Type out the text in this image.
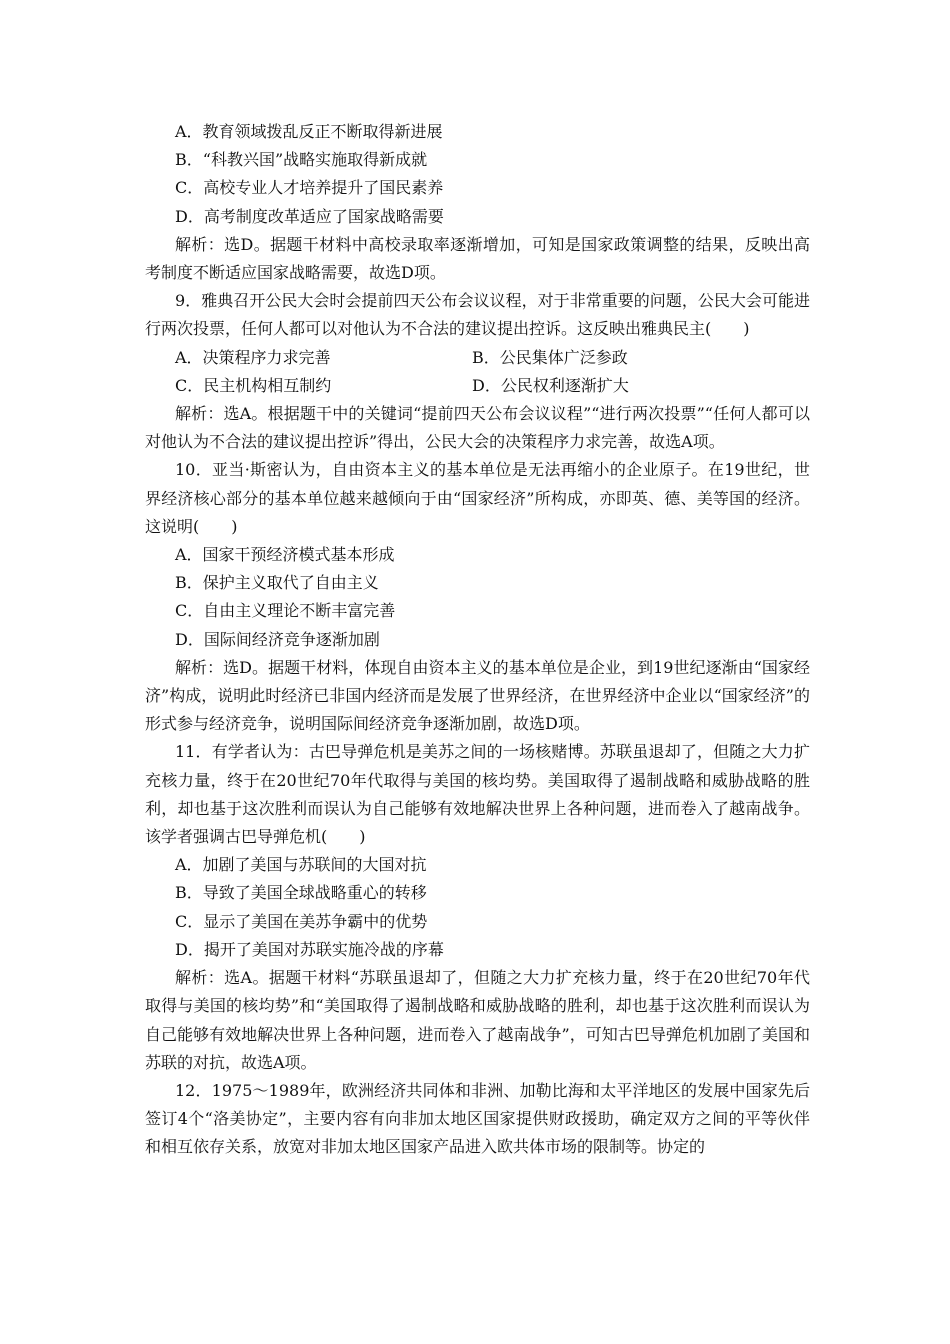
A．教育领域拨乱反正不断取得新进展

B．“科教兴国”战略实施取得新成就

C．高校专业人才培养提升了国民素养

D．高考制度改革适应了国家战略需要

解析：选D。据题干材料中高校录取率逐渐增加，可知是国家政策调整的结果，反映出高考制度不断适应国家战略需要，故选D项。

9．雅典召开公民大会时会提前四天公布会议议程，对于非常重要的问题，公民大会可能进行两次投票，任何人都可以对他认为不合法的建议提出控诉。这反映出雅典民主(　　)

A．决策程序力求完善	B．公民集体广泛参政
C．民主机构相互制约	D．公民权利逐渐扩大

解析：选A。根据题干中的关键词“提前四天公布会议议程”“进行两次投票”“任何人都可以对他认为不合法的建议提出控诉”得出，公民大会的决策程序力求完善，故选A项。

10．亚当·斯密认为，自由资本主义的基本单位是无法再缩小的企业原子。在19世纪，世界经济核心部分的基本单位越来越倾向于由“国家经济”所构成，亦即英、德、美等国的经济。这说明(　　)

A．国家干预经济模式基本形成

B．保护主义取代了自由主义

C．自由主义理论不断丰富完善

D．国际间经济竞争逐渐加剧

解析：选D。据题干材料，体现自由资本主义的基本单位是企业，到19世纪逐渐由“国家经济”构成，说明此时经济已非国内经济而是发展了世界经济，在世界经济中企业以“国家经济”的形式参与经济竞争，说明国际间经济竞争逐渐加剧，故选D项。

11．有学者认为：古巴导弹危机是美苏之间的一场核赌博。苏联虽退却了，但随之大力扩充核力量，终于在20世纪70年代取得与美国的核均势。美国取得了遏制战略和威胁战略的胜利，却也基于这次胜利而误认为自己能够有效地解决世界上各种问题，进而卷入了越南战争。该学者强调古巴导弹危机(　　)

A．加剧了美国与苏联间的大国对抗

B．导致了美国全球战略重心的转移

C．显示了美国在美苏争霸中的优势

D．揭开了美国对苏联实施冷战的序幕

解析：选A。据题干材料“苏联虽退却了，但随之大力扩充核力量，终于在20世纪70年代取得与美国的核均势”和“美国取得了遏制战略和威胁战略的胜利，却也基于这次胜利而误认为自己能够有效地解决世界上各种问题，进而卷入了越南战争”，可知古巴导弹危机加剧了美国和苏联的对抗，故选A项。

12．1975～1989年，欧洲经济共同体和非洲、加勒比海和太平洋地区的发展中国家先后签订4个“洛美协定”，主要内容有向非加太地区国家提供财政援助，确定双方之间的平等伙伴和相互依存关系，放宽对非加太地区国家产品进入欧共体市场的限制等。协定的
